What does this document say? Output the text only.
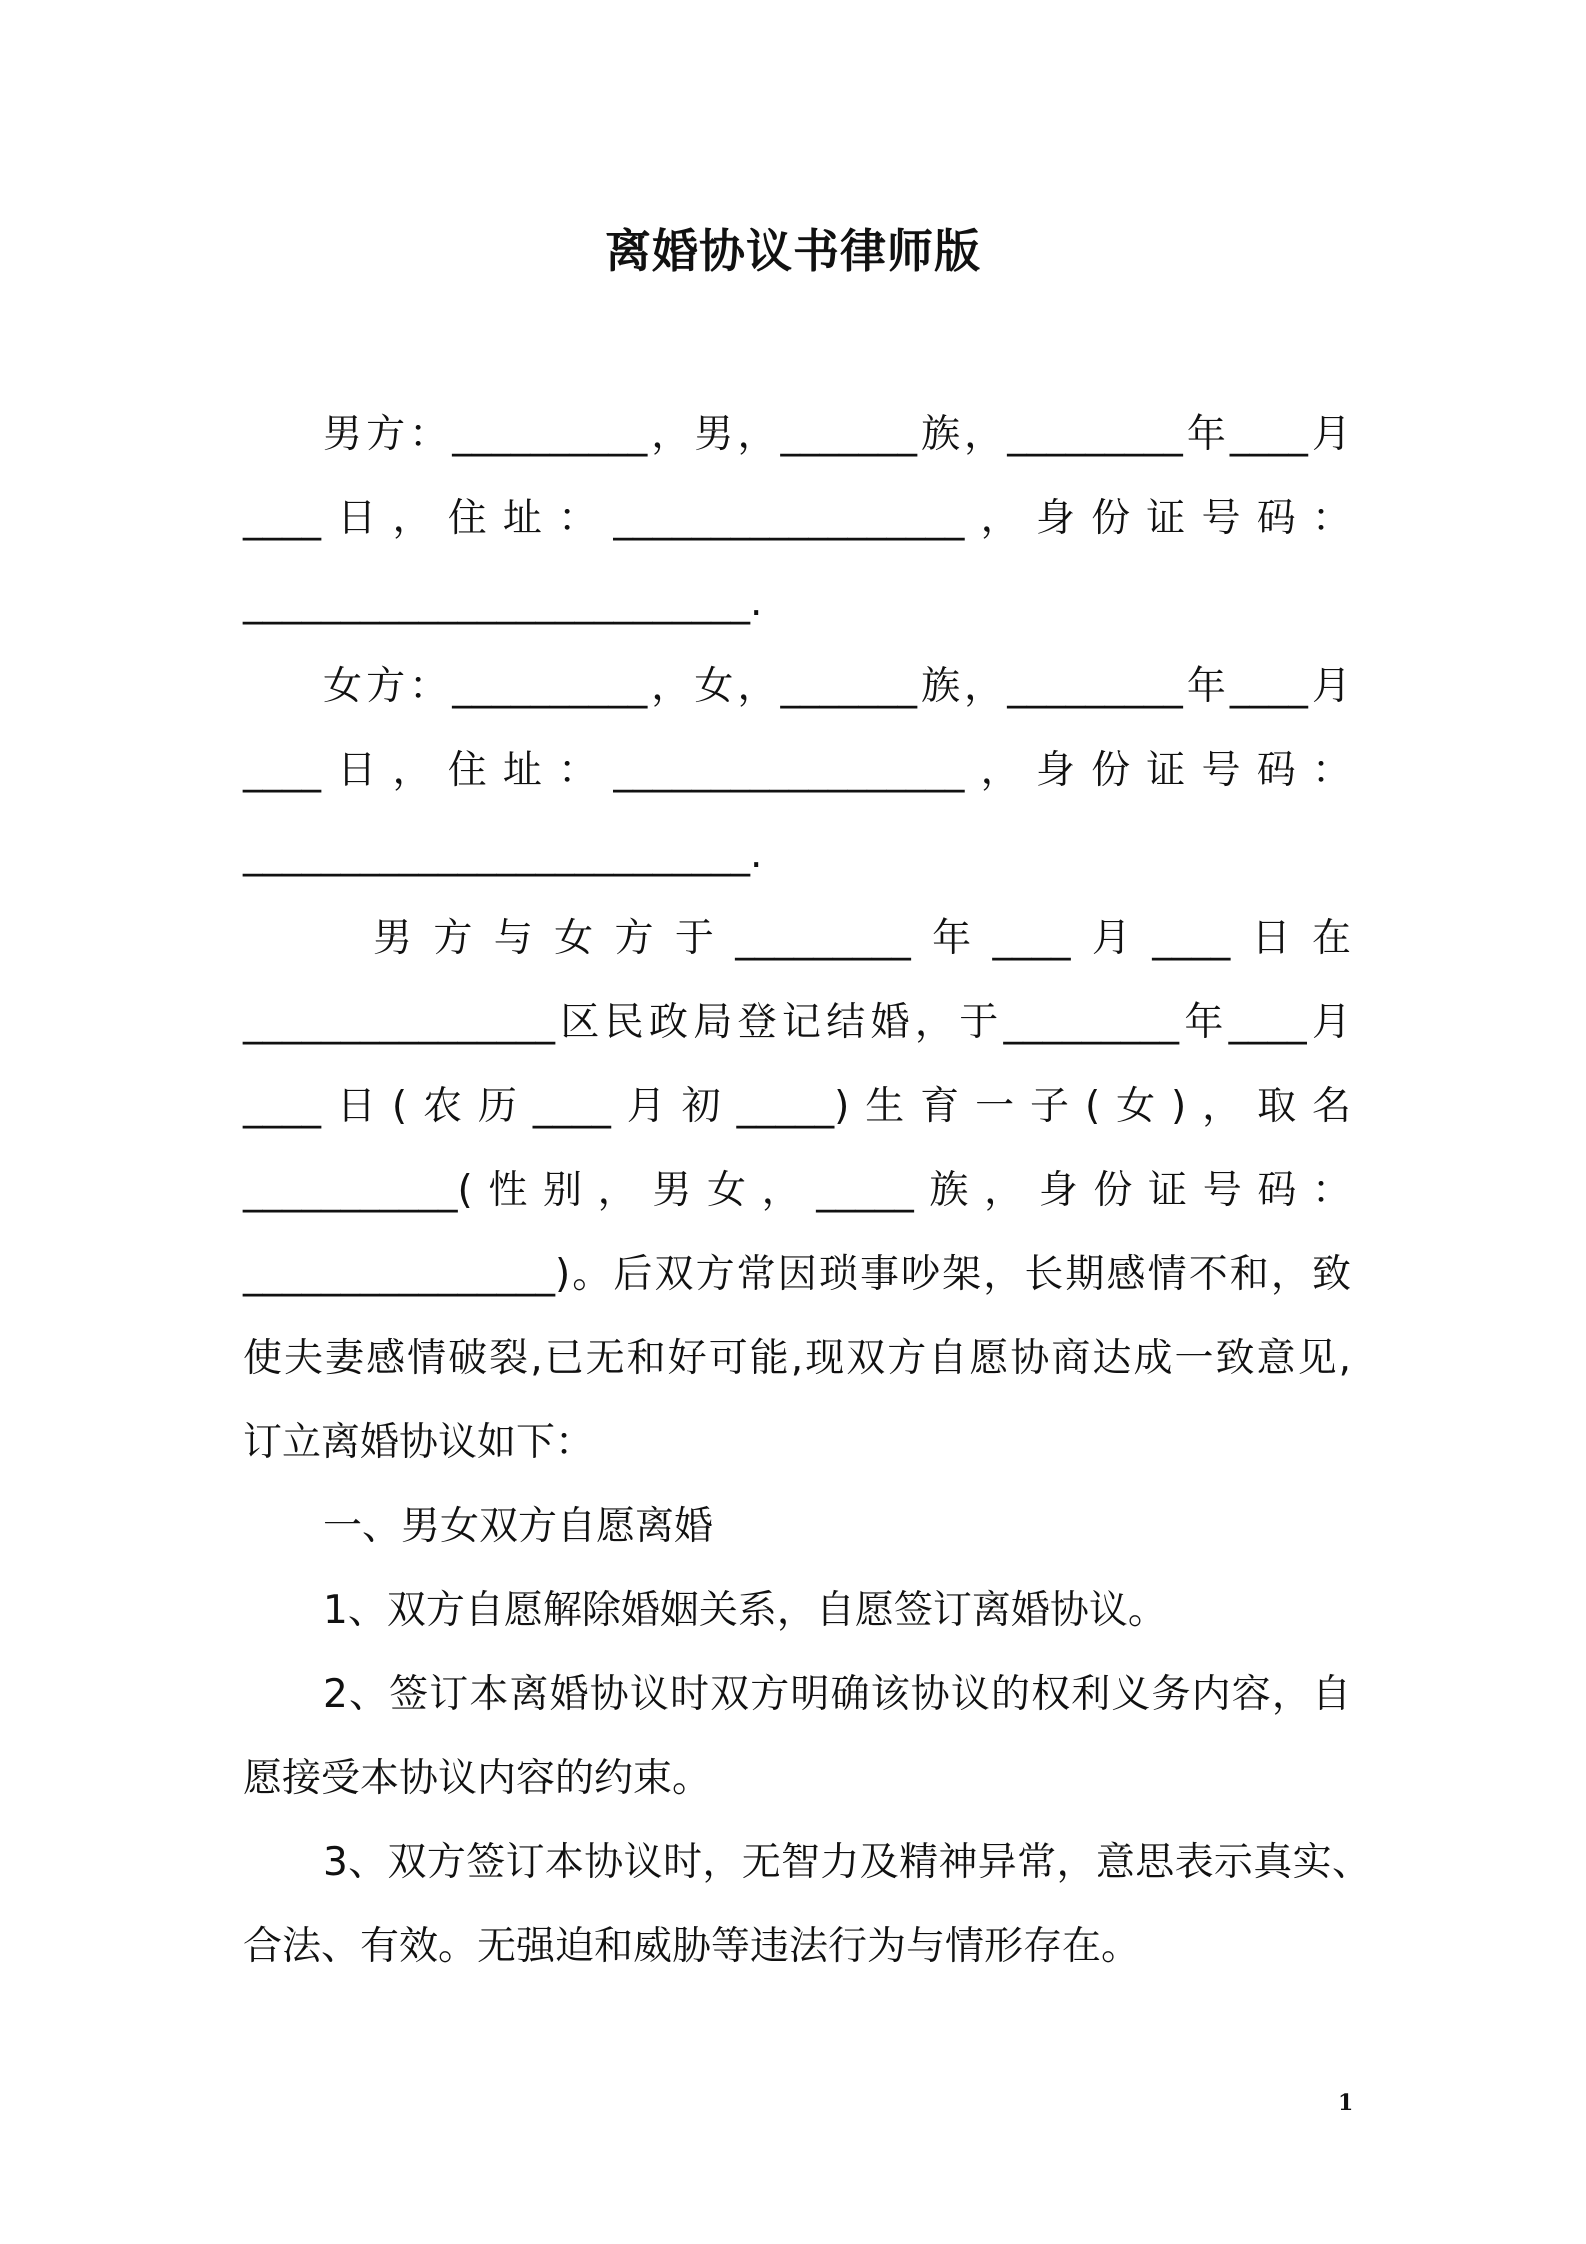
离婚协议书律师版
男方：__________，男，_______族，_________年____月
____日，住址：__________________，身份证号码：
__________________________.
女方：__________，女，_______族，_________年____月
____日，住址：__________________，身份证号码：
__________________________.
男方与女方于_________年____月____日在
________________区民政局登记结婚，于_________年____月
____日(农历____月初_____)生育一子(女)，取名
___________(性别，男女，_____族，身份证号码：
________________)。后双方常因琐事吵架，长期感情不和，致
使夫妻感情破裂,已无和好可能,现双方自愿协商达成一致意见,
订立离婚协议如下：
一、男女双方自愿离婚
1、双方自愿解除婚姻关系，自愿签订离婚协议。
2、签订本离婚协议时双方明确该协议的权利义务内容，自
愿接受本协议内容的约束。
3、双方签订本协议时，无智力及精神异常，意思表示真实、
合法、有效。无强迫和威胁等违法行为与情形存在。
1
